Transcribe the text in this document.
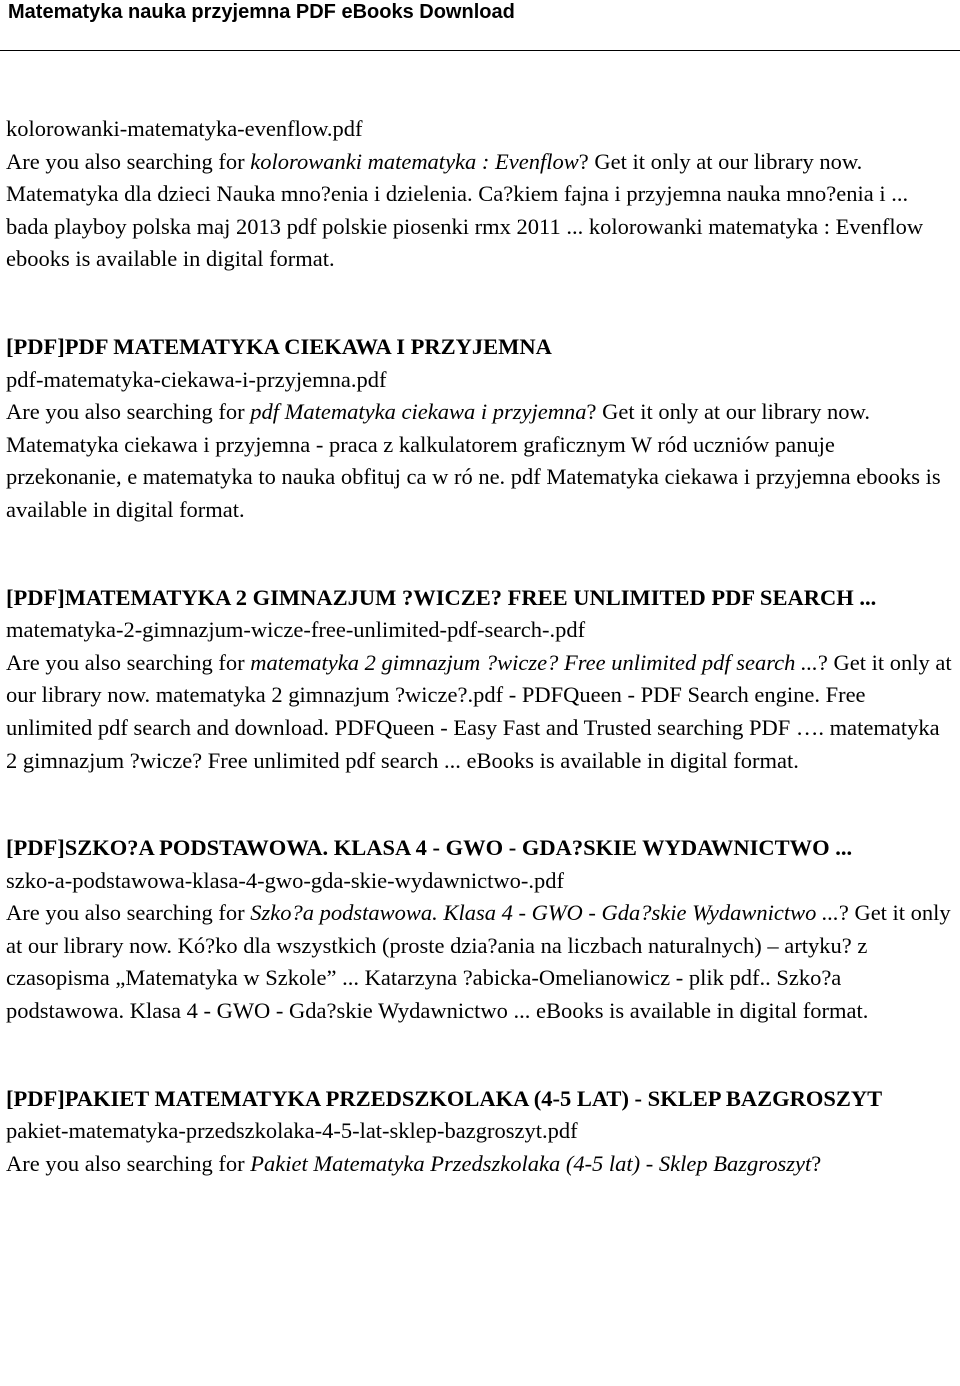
Matematyka nauka przyjemna PDF eBooks Download
kolorowanki-matematyka-evenflow.pdf
Are you also searching for kolorowanki matematyka : Evenflow? Get it only at our library now. Matematyka dla dzieci Nauka mno?enia i dzielenia. Ca?kiem fajna i przyjemna nauka mno?enia i ... bada playboy polska maj 2013 pdf polskie piosenki rmx 2011 ... kolorowanki matematyka : Evenflow ebooks is available in digital format.
[PDF]PDF MATEMATYKA CIEKAWA I PRZYJEMNA
pdf-matematyka-ciekawa-i-przyjemna.pdf
Are you also searching for pdf Matematyka ciekawa i przyjemna? Get it only at our library now. Matematyka ciekawa i przyjemna - praca z kalkulatorem graficznym W ród uczniów panuje przekonanie, e matematyka to nauka obfituj ca w ró ne. pdf Matematyka ciekawa i przyjemna ebooks is available in digital format.
[PDF]MATEMATYKA 2 GIMNAZJUM ?WICZE? FREE UNLIMITED PDF SEARCH ...
matematyka-2-gimnazjum-wicze-free-unlimited-pdf-search-.pdf
Are you also searching for matematyka 2 gimnazjum ?wicze? Free unlimited pdf search ...? Get it only at our library now. matematyka 2 gimnazjum ?wicze?.pdf - PDFQueen - PDF Search engine. Free unlimited pdf search and download. PDFQueen - Easy Fast and Trusted searching PDF …. matematyka 2 gimnazjum ?wicze? Free unlimited pdf search ... eBooks is available in digital format.
[PDF]SZKO?A PODSTAWOWA. KLASA 4 - GWO - GDA?SKIE WYDAWNICTWO ...
szko-a-podstawowa-klasa-4-gwo-gda-skie-wydawnictwo-.pdf
Are you also searching for Szko?a podstawowa. Klasa 4 - GWO - Gda?skie Wydawnictwo ...? Get it only at our library now. Kó?ko dla wszystkich (proste dzia?ania na liczbach naturalnych) – artyku? z czasopisma „Matematyka w Szkole” ... Katarzyna ?abicka-Omelianowicz - plik pdf.. Szko?a podstawowa. Klasa 4 - GWO - Gda?skie Wydawnictwo ... eBooks is available in digital format.
[PDF]PAKIET MATEMATYKA PRZEDSZKOLAKA (4-5 LAT) - SKLEP BAZGROSZYT
pakiet-matematyka-przedszkolaka-4-5-lat-sklep-bazgroszyt.pdf
Are you also searching for Pakiet Matematyka Przedszkolaka (4-5 lat) - Sklep Bazgroszyt?
